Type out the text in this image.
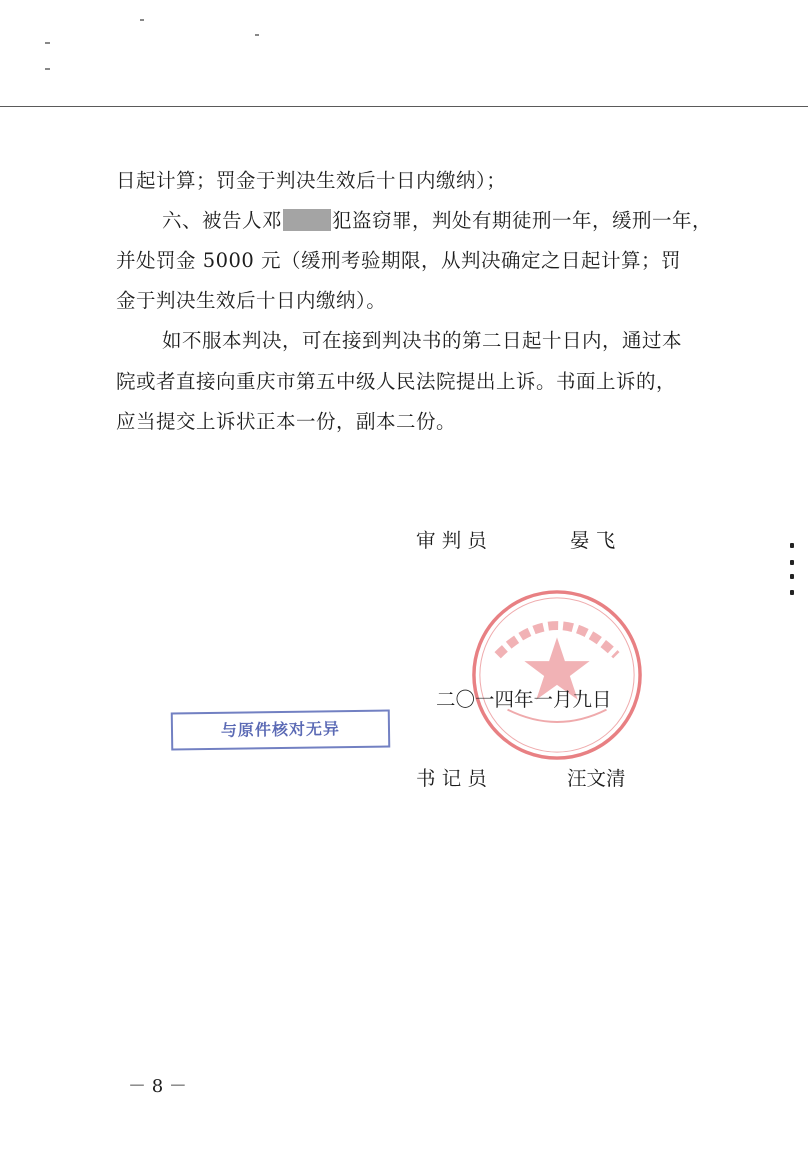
日起计算；罚金于判决生效后十日内缴纳）；
六、被告人邓	犯盗窃罪，判处有期徒刑一年，缓刑一年，
并处罚金 5000 元（缓刑考验期限，从判决确定之日起计算；罚
金于判决生效后十日内缴纳）。
如不服本判决，可在接到判决书的第二日起十日内，通过本
院或者直接向重庆市第五中级人民法院提出上诉。书面上诉的，
应当提交上诉状正本一份，副本二份。
审 判 员	晏 飞
二〇一四年一月九日
与原件核对无异
书 记 员	汪文清
－ 8 －
